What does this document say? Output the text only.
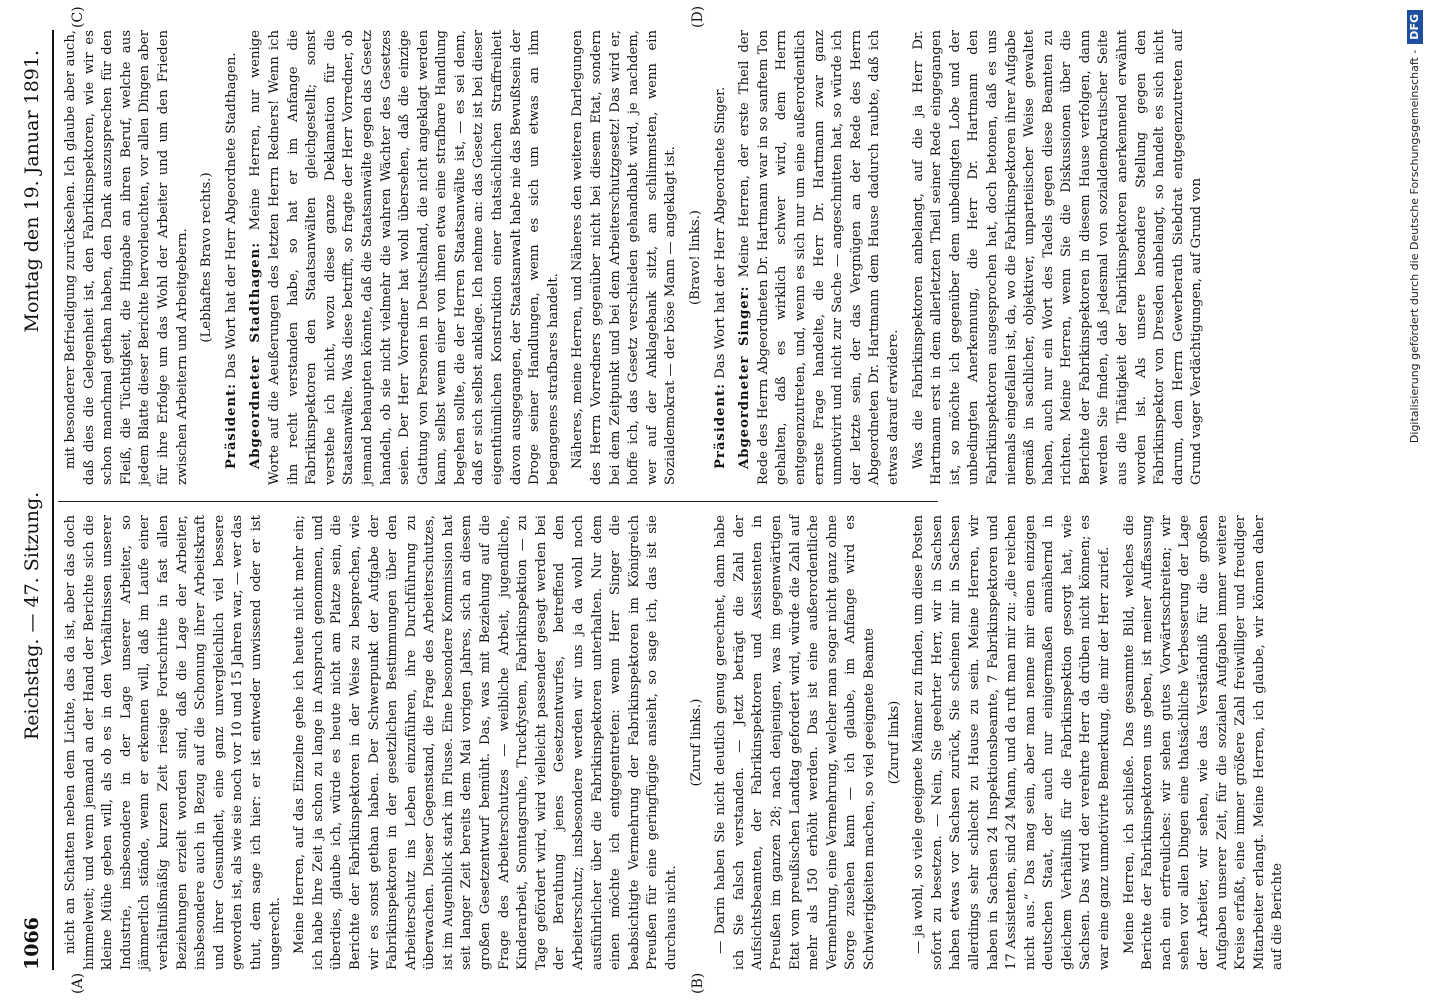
1066
Reichstag. — 47. Sitzung.
Montag den 19. Januar 1891.
(A)	(B)
(C)	(D)

nicht an Schatten neben dem Lichte, das da ist, aber das doch himmelweit; und wenn jemand an der Hand der Berichte sich die kleine Mühe geben will, als ob es in den Verhältnissen unserer Industrie, insbesondere in der Lage unserer Arbeiter, so jämmerlich stände, wenn er erkennen will, daß im Laufe einer verhältnißmäßig kurzen Zeit riesige Fortschritte in fast allen Beziehungen erzielt worden sind, daß die Lage der Arbeiter, insbesondere auch in Bezug auf die Schonung ihrer Arbeitskraft und ihrer Gesundheit, eine ganz unvergleichlich viel bessere geworden ist, als wie sie noch vor 10 und 15 Jahren war, — wer das thut, dem sage ich hier: er ist entweder unwissend oder er ist ungerecht. Meine Herren, auf das Einzelne gehe ich heute nicht mehr ein; ich habe Ihre Zeit ja schon zu lange in Anspruch genommen, und überdies, glaube ich, würde es heute nicht am Platze sein, die Berichte der Fabrikinspektoren in der Weise zu besprechen, wie wir es sonst gethan haben. Der Schwerpunkt der Aufgabe der Fabrikinspektoren in der gesetzlichen Bestimmungen über den Arbeiterschutz ins Leben einzuführen, ihre Durchführung zu überwachen. Dieser Gegenstand, die Frage des Arbeiterschutzes, ist im Augenblick stark im Flusse. Eine besondere Kommission hat seit langer Zeit bereits dem Mai vorigen Jahres, sich an diesem großen Gesetzentwurf bemüht. Das, was mit Beziehung auf die Frage des Arbeiterschutzes — weibliche Arbeit, jugendliche, Kinderarbeit, Sonntagsruhe, Truckfystem, Fabrikinspektion — zu Tage gefördert wird, wird vielleicht passender gesagt werden bei der Berathung jenes Gesetzentwurfes, betreffend den Arbeiterschutz; insbesondere werden wir uns ja da wohl noch ausführlicher über die Fabrikinspektoren unterhalten. Nur dem einen möchte ich entgegentreten: wenn Herr Singer die beabsichtigte Vermehrung der Fabrikinspektoren im Königreich Preußen für eine geringfügige ansieht, so sage ich, das ist sie durchaus nicht.

(Zuruf links.) — Darin haben Sie nicht deutlich genug gerechnet, dann habe ich Sie falsch verstanden. — Jetzt beträgt die Zahl der Aufsichtsbeamten, der Fabrikinspektoren und Assistenten in Preußen im ganzen 28; nach denjenigen, was im gegenwärtigen Etat vom preußischen Landtag gefordert wird, würde die Zahl auf mehr als 150 erhöht werden. Das ist eine außerordentliche Vermehrung, eine Vermehrung, welcher man sogar nicht ganz ohne Sorge zusehen kann — ich glaube, im Anfange wird es Schwierigkeiten machen, so viel geeignete Beamte (Zuruf links) — ja wohl, so viele geeignete Männer zu finden, um diese Posten sofort zu besetzen. — Nein, Sie geehrter Herr, wir in Sachsen haben etwas vor Sachsen zurück, Sie scheinen mir in Sachsen allerdings sehr schlecht zu Hause zu sein. Meine Herren, wir haben in Sachsen 24 Inspektionsbeamte, 7 Fabrikinspektoren und 17 Assistenten, sind 24 Mann, und da ruft man mir zu: „die reichen nicht aus.“ Das mag sein, aber man nenne mir einen einzigen deutschen Staat, der auch nur einigermaßen annähernd in gleichem Verhältniß für die Fabrikinspektion gesorgt hat, wie Sachsen. Das wird der verehrte Herr da drüben nicht können; es war eine ganz unmotivirte Bemerkung, die mir der Herr zurief. Meine Herren, ich schließe. Das gesammte Bild, welches die Berichte der Fabrikinspektoren uns geben, ist meiner Auffassung nach ein erfreuliches: wir sehen gutes Vorwärtsschreiten; wir sehen vor allen Dingen eine thatsächliche Verbesserung der Lage der Arbeiter, wir sehen, wie das Verständniß für die großen Aufgaben unserer Zeit, für die sozialen Aufgaben immer weitere Kreise erfaßt, eine immer größere Zahl freiwilliger und freudiger Mitarbeiter erlangt. Meine Herren, ich glaube, wir können daher auf die Berichte

mit besonderer Befriedigung zurücksehen. Ich glaube aber auch, daß dies die Gelegenheit ist, den Fabrikinspektoren, wie wir es schon manchmal gethan haben, den Dank auszusprechen für den Fleiß, die Tüchtigkeit, die Hingabe an ihren Beruf, welche aus jedem Blatte dieser Berichte hervorleuchten, vor allen Dingen aber für ihre Erfolge um das Wohl der Arbeiter und um den Frieden zwischen Arbeitern und Arbeitgebern. (Lebhaftes Bravo rechts.)

Präsident: Das Wort hat der Herr Abgeordnete Stadthagen. Abgeordneter Stadthagen: Meine Herren, nur wenige Worte auf die Aeußerungen des letzten Herrn Redners! Wenn ich ihn recht verstanden habe, so hat er im Anfange die Fabrikinspektoren den Staatsanwälten gleichgestellt; sonst verstehe ich nicht, wozu diese ganze Deklamation für die Staatsanwälte. Was diese betrifft, so fragte der Herr Vorredner, ob jemand behaupten könnte, daß die Staatsanwälte gegen das Gesetz handeln, ob sie nicht vielmehr die wahren Wächter des Gesetzes seien. Der Herr Vorredner hat wohl übersehen, daß die einzige Gattung von Personen in Deutschland, die nicht angeklagt werden kann, selbst wenn einer von ihnen etwa eine strafbare Handlung begehen sollte, die der Herren Staatsanwälte ist, — es sei denn, daß er sich selbst anklage. Ich nehme an: das Gesetz ist bei dieser eigenthümlichen Konstruktion einer thatsächlichen Straffreiheit davon ausgegangen, der Staatsanwalt habe nie das Bewußtsein der Droge seiner Handlungen, wenn es sich um etwas an ihm begangenes strafbares handelt. Näheres, meine Herren, und Näheres den weiteren Darlegungen des Herrn Vorredners gegenüber nicht bei diesem Etat, sondern bei dem Zeitpunkt und bei dem Arbeiterschutzgesetz! Das wird er, hoffe ich, das Gesetz verschieden gehandhabt wird, je nachdem, wer auf der Anklagebank sitzt, am schlimmsten, wenn ein Sozialdemokrat — der böse Mann — angeklagt ist. (Bravo! links.)

Präsident: Das Wort hat der Herr Abgeordnete Singer. Abgeordneter Singer: Meine Herren, der erste Theil der Rede des Herrn Abgeordneten Dr. Hartmann war in so sanftem Ton gehalten, daß es wirklich schwer wird, dem Herrn entgegenzutreten, und, wenn es sich nur um eine außerordentlich ernste Frage handelte, die Herr Dr. Hartmann zwar ganz unmotivirt und nicht zur Sache — angeschnitten hat, so würde ich der letzte sein, der das Vergnügen an der Rede des Herrn Abgeordneten Dr. Hartmann dem Hause dadurch raubte, daß ich etwas darauf erwidere. Was die Fabrikinspektoren anbelangt, auf die ja Herr Dr. Hartmann erst in dem allerletzten Theil seiner Rede eingegangen ist, so möchte ich gegenüber dem unbedingten Lobe und der unbedingten Anerkennung, die Herr Dr. Hartmann den Fabrikinspektoren ausgesprochen hat, doch betonen, daß es uns niemals eingefallen ist, da, wo die Fabrikinspektoren ihrer Aufgabe gemäß in sachlicher, objektiver, unparteiischer Weise gewaltet haben, auch nur ein Wort des Tadels gegen diese Beamten zu richten. Meine Herren, wenn Sie die Diskussionen über die Berichte der Fabrikinspektoren in diesem Hause verfolgen, dann werden Sie finden, daß jedesmal von sozialdemokratischer Seite aus die Thätigkeit der Fabrikinspektoren anerkennend erwähnt worden ist. Als unsere besondere Stellung gegen den Fabrikinspektor von Dresden anbelangt, so handelt es sich nicht darum, dem Herrn Gewerberath Siebdrat entgegenzutreten auf Grund vager Verdächtigungen, auf Grund von	Digitalisierung gefördert durch die Deutsche Forschungsgemeinschaft -DFG
